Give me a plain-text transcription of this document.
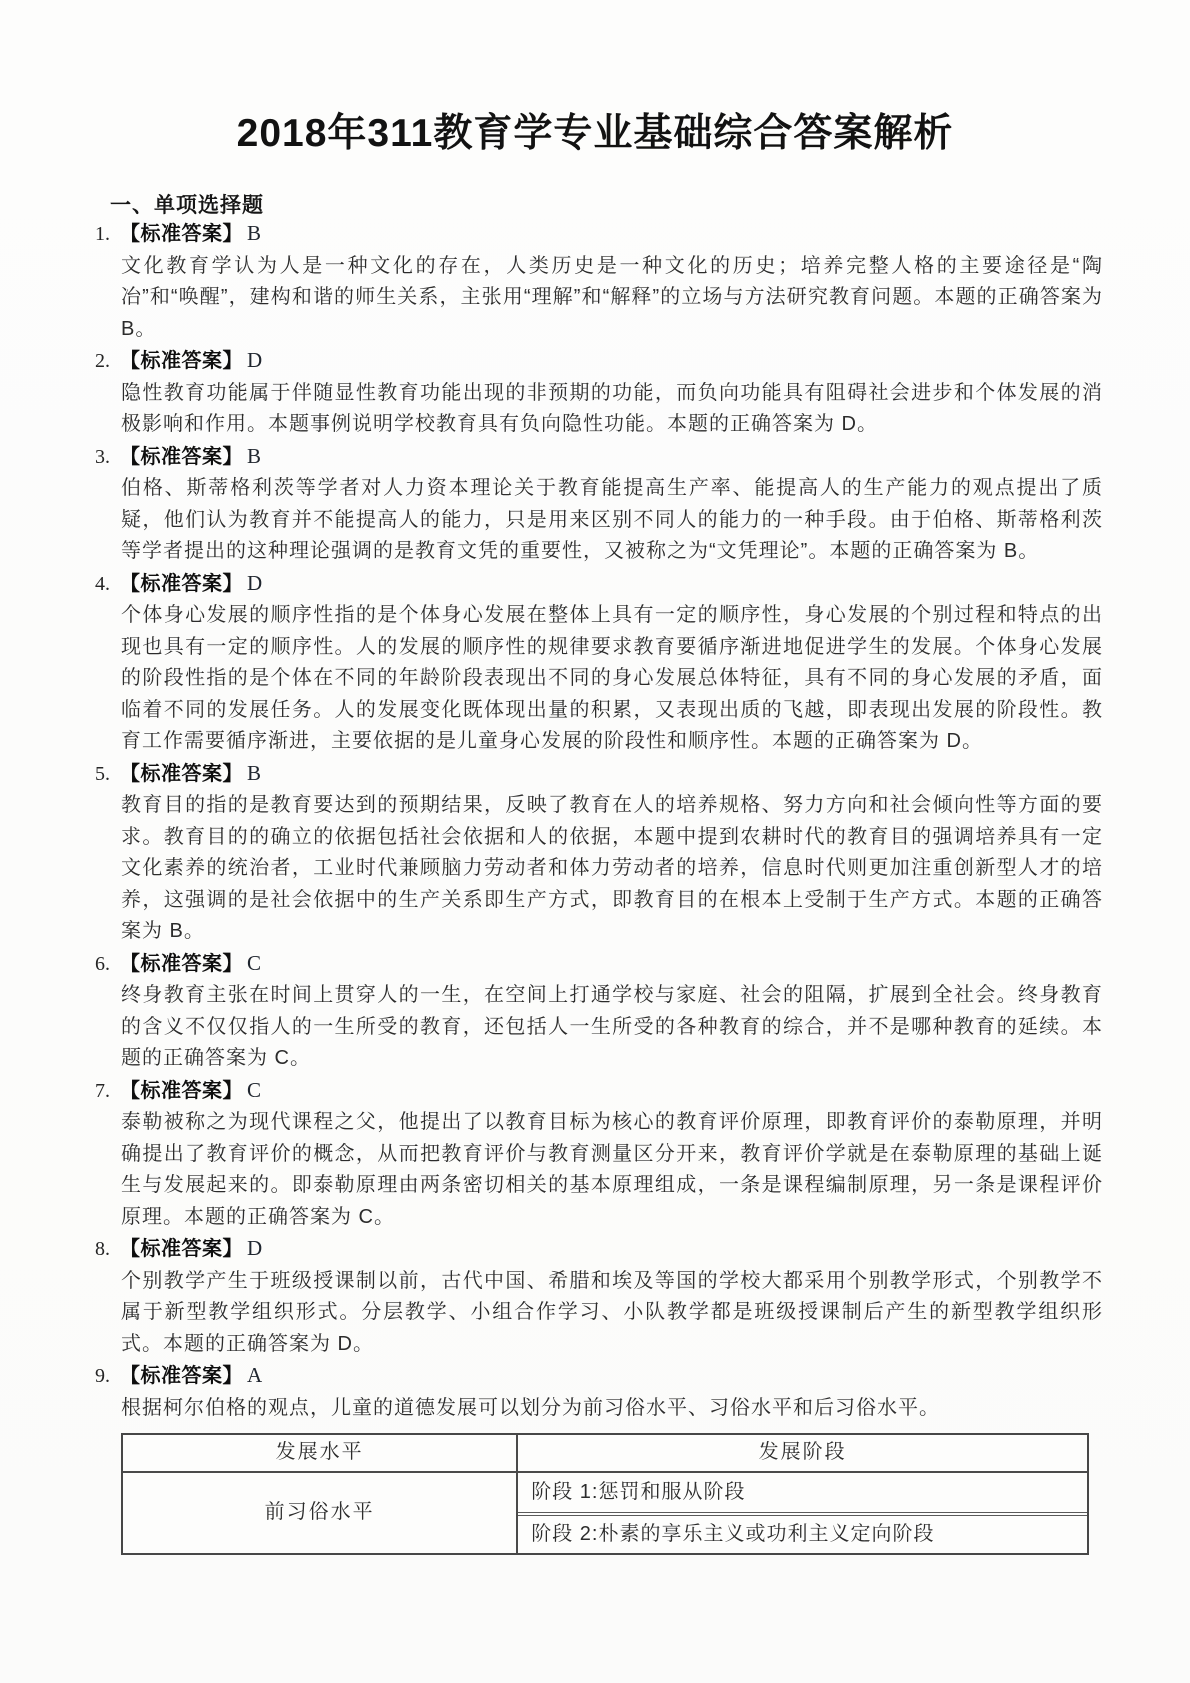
2018年311教育学专业基础综合答案解析
一、单项选择题
1. 【标准答案】 B

文化教育学认为人是一种文化的存在，人类历史是一种文化的历史；培养完整人格的主要途径是“陶冶”和“唤醒”，建构和谐的师生关系，主张用“理解”和“解释”的立场与方法研究教育问题。本题的正确答案为 B。

2. 【标准答案】 D

隐性教育功能属于伴随显性教育功能出现的非预期的功能，而负向功能具有阻碍社会进步和个体发展的消极影响和作用。本题事例说明学校教育具有负向隐性功能。本题的正确答案为 D。

3. 【标准答案】 B

伯格、斯蒂格利茨等学者对人力资本理论关于教育能提高生产率、能提高人的生产能力的观点提出了质疑，他们认为教育并不能提高人的能力，只是用来区别不同人的能力的一种手段。由于伯格、斯蒂格利茨等学者提出的这种理论强调的是教育文凭的重要性，又被称之为“文凭理论”。本题的正确答案为 B。

4. 【标准答案】 D

个体身心发展的顺序性指的是个体身心发展在整体上具有一定的顺序性，身心发展的个别过程和特点的出现也具有一定的顺序性。人的发展的顺序性的规律要求教育要循序渐进地促进学生的发展。个体身心发展的阶段性指的是个体在不同的年龄阶段表现出不同的身心发展总体特征，具有不同的身心发展的矛盾，面临着不同的发展任务。人的发展变化既体现出量的积累，又表现出质的飞越，即表现出发展的阶段性。教育工作需要循序渐进，主要依据的是儿童身心发展的阶段性和顺序性。本题的正确答案为 D。

5. 【标准答案】 B

教育目的指的是教育要达到的预期结果，反映了教育在人的培养规格、努力方向和社会倾向性等方面的要求。教育目的的确立的依据包括社会依据和人的依据，本题中提到农耕时代的教育目的强调培养具有一定文化素养的统治者，工业时代兼顾脑力劳动者和体力劳动者的培养，信息时代则更加注重创新型人才的培养，这强调的是社会依据中的生产关系即生产方式，即教育目的在根本上受制于生产方式。本题的正确答案为 B。

6. 【标准答案】 C

终身教育主张在时间上贯穿人的一生，在空间上打通学校与家庭、社会的阻隔，扩展到全社会。终身教育的含义不仅仅指人的一生所受的教育，还包括人一生所受的各种教育的综合，并不是哪种教育的延续。本题的正确答案为 C。

7. 【标准答案】 C

泰勒被称之为现代课程之父，他提出了以教育目标为核心的教育评价原理，即教育评价的泰勒原理，并明确提出了教育评价的概念，从而把教育评价与教育测量区分开来，教育评价学就是在泰勒原理的基础上诞生与发展起来的。即泰勒原理由两条密切相关的基本原理组成，一条是课程编制原理，另一条是课程评价原理。本题的正确答案为 C。

8. 【标准答案】 D

个别教学产生于班级授课制以前，古代中国、希腊和埃及等国的学校大都采用个别教学形式，个别教学不属于新型教学组织形式。分层教学、小组合作学习、小队教学都是班级授课制后产生的新型教学组织形式。本题的正确答案为 D。

9. 【标准答案】 A

根据柯尔伯格的观点，儿童的道德发展可以划分为前习俗水平、习俗水平和后习俗水平。

发展水平	发展阶段
前习俗水平
阶段 1:惩罚和服从阶段
阶段 2:朴素的享乐主义或功利主义定向阶段
